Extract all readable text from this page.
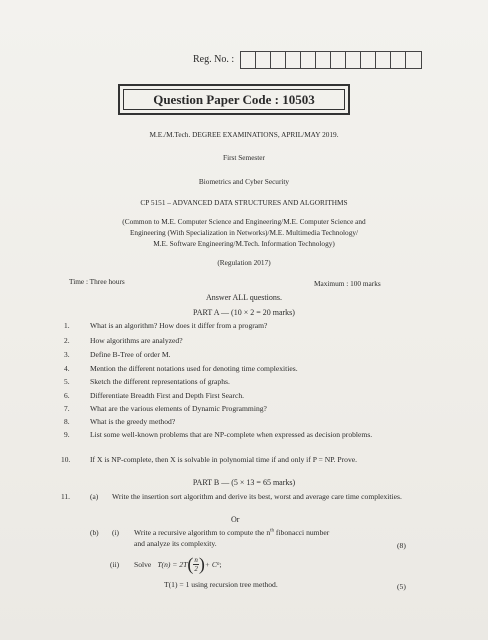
Reg. No. :
Question Paper Code : 10503
M.E./M.Tech. DEGREE EXAMINATIONS, APRIL/MAY 2019.
First Semester
Biometrics and Cyber Security
CP 5151 – ADVANCED DATA STRUCTURES AND ALGORITHMS
(Common to M.E. Computer Science and Engineering/M.E. Computer Science and
Engineering (With Specialization in Networks)/M.E. Multimedia Technology/
M.E. Software Engineering/M.Tech. Information Technology)
(Regulation 2017)
Time : Three hours	Maximum : 100 marks
Answer ALL questions.
PART A — (10 × 2 = 20 marks)
1.	What is an algorithm? How does it differ from a program?
2.	How algorithms are analyzed?
3.	Define B-Tree of order M.
4.	Mention the different notations used for denoting time complexities.
5.	Sketch the different representations of graphs.
6.	Differentiate Breadth First and Depth First Search.
7.	What are the various elements of Dynamic Programming?
8.	What is the greedy method?
9.	List some well-known problems that are NP-complete when expressed as decision problems.
10.	If X is NP-complete, then X is solvable in polynomial time if and only if P = NP. Prove.
PART B — (5 × 13 = 65 marks)
11.	(a) Write the insertion sort algorithm and derive its best, worst and average care time complexities.
Or
(b) (i) Write a recursive algorithm to compute the $n^{th}$ fibonacci number
and analyze its complexity.	(8)
(ii) Solve T(n) = 2T ( $\frac{n}{2}$ ) + C n ;
T(1) = 1 using recursion tree method.	(5)
